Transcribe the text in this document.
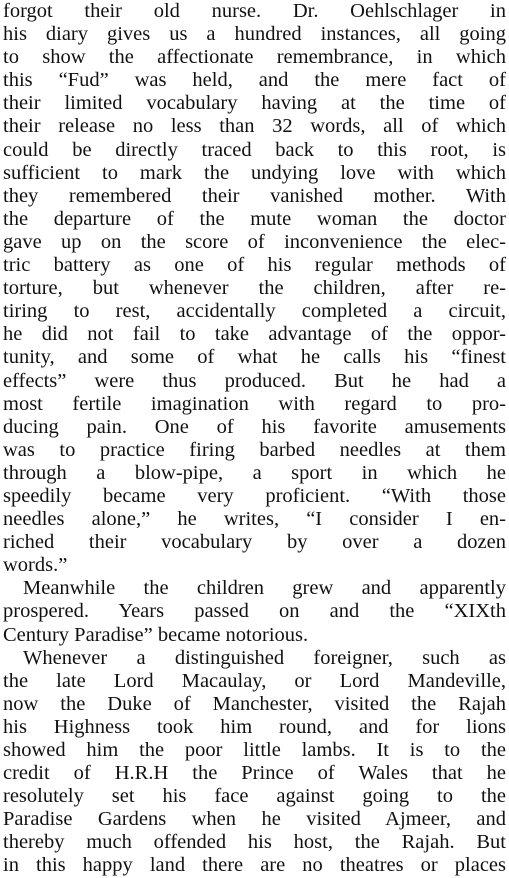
forgot their old nurse. Dr. Oehlschlager in
his diary gives us a hundred instances, all going
to show the affectionate remembrance, in which
this “Fud” was held, and the mere fact of
their limited vocabulary having at the time of
their release no less than 32 words, all of which
could be directly traced back to this root, is
sufficient to mark the undying love with which
they remembered their vanished mother. With
the departure of the mute woman the doctor
gave up on the score of inconvenience the elec-
tric battery as one of his regular methods of
torture, but whenever the children, after re-
tiring to rest, accidentally completed a circuit,
he did not fail to take advantage of the oppor-
tunity, and some of what he calls his “finest
effects” were thus produced. But he had a
most fertile imagination with regard to pro-
ducing pain. One of his favorite amusements
was to practice firing barbed needles at them
through a blow-pipe, a sport in which he
speedily became very proficient. “With those
needles alone,” he writes, “I consider I en-
riched their vocabulary by over a dozen
words.”
Meanwhile the children grew and apparently
prospered. Years passed on and the “XIXth
Century Paradise” became notorious.
Whenever a distinguished foreigner, such as
the late Lord Macaulay, or Lord Mandeville,
now the Duke of Manchester, visited the Rajah
his Highness took him round, and for lions
showed him the poor little lambs. It is to the
credit of H.R.H the Prince of Wales that he
resolutely set his face against going to the
Paradise Gardens when he visited Ajmeer, and
thereby much offended his host, the Rajah. But
in this happy land there are no theatres or places
